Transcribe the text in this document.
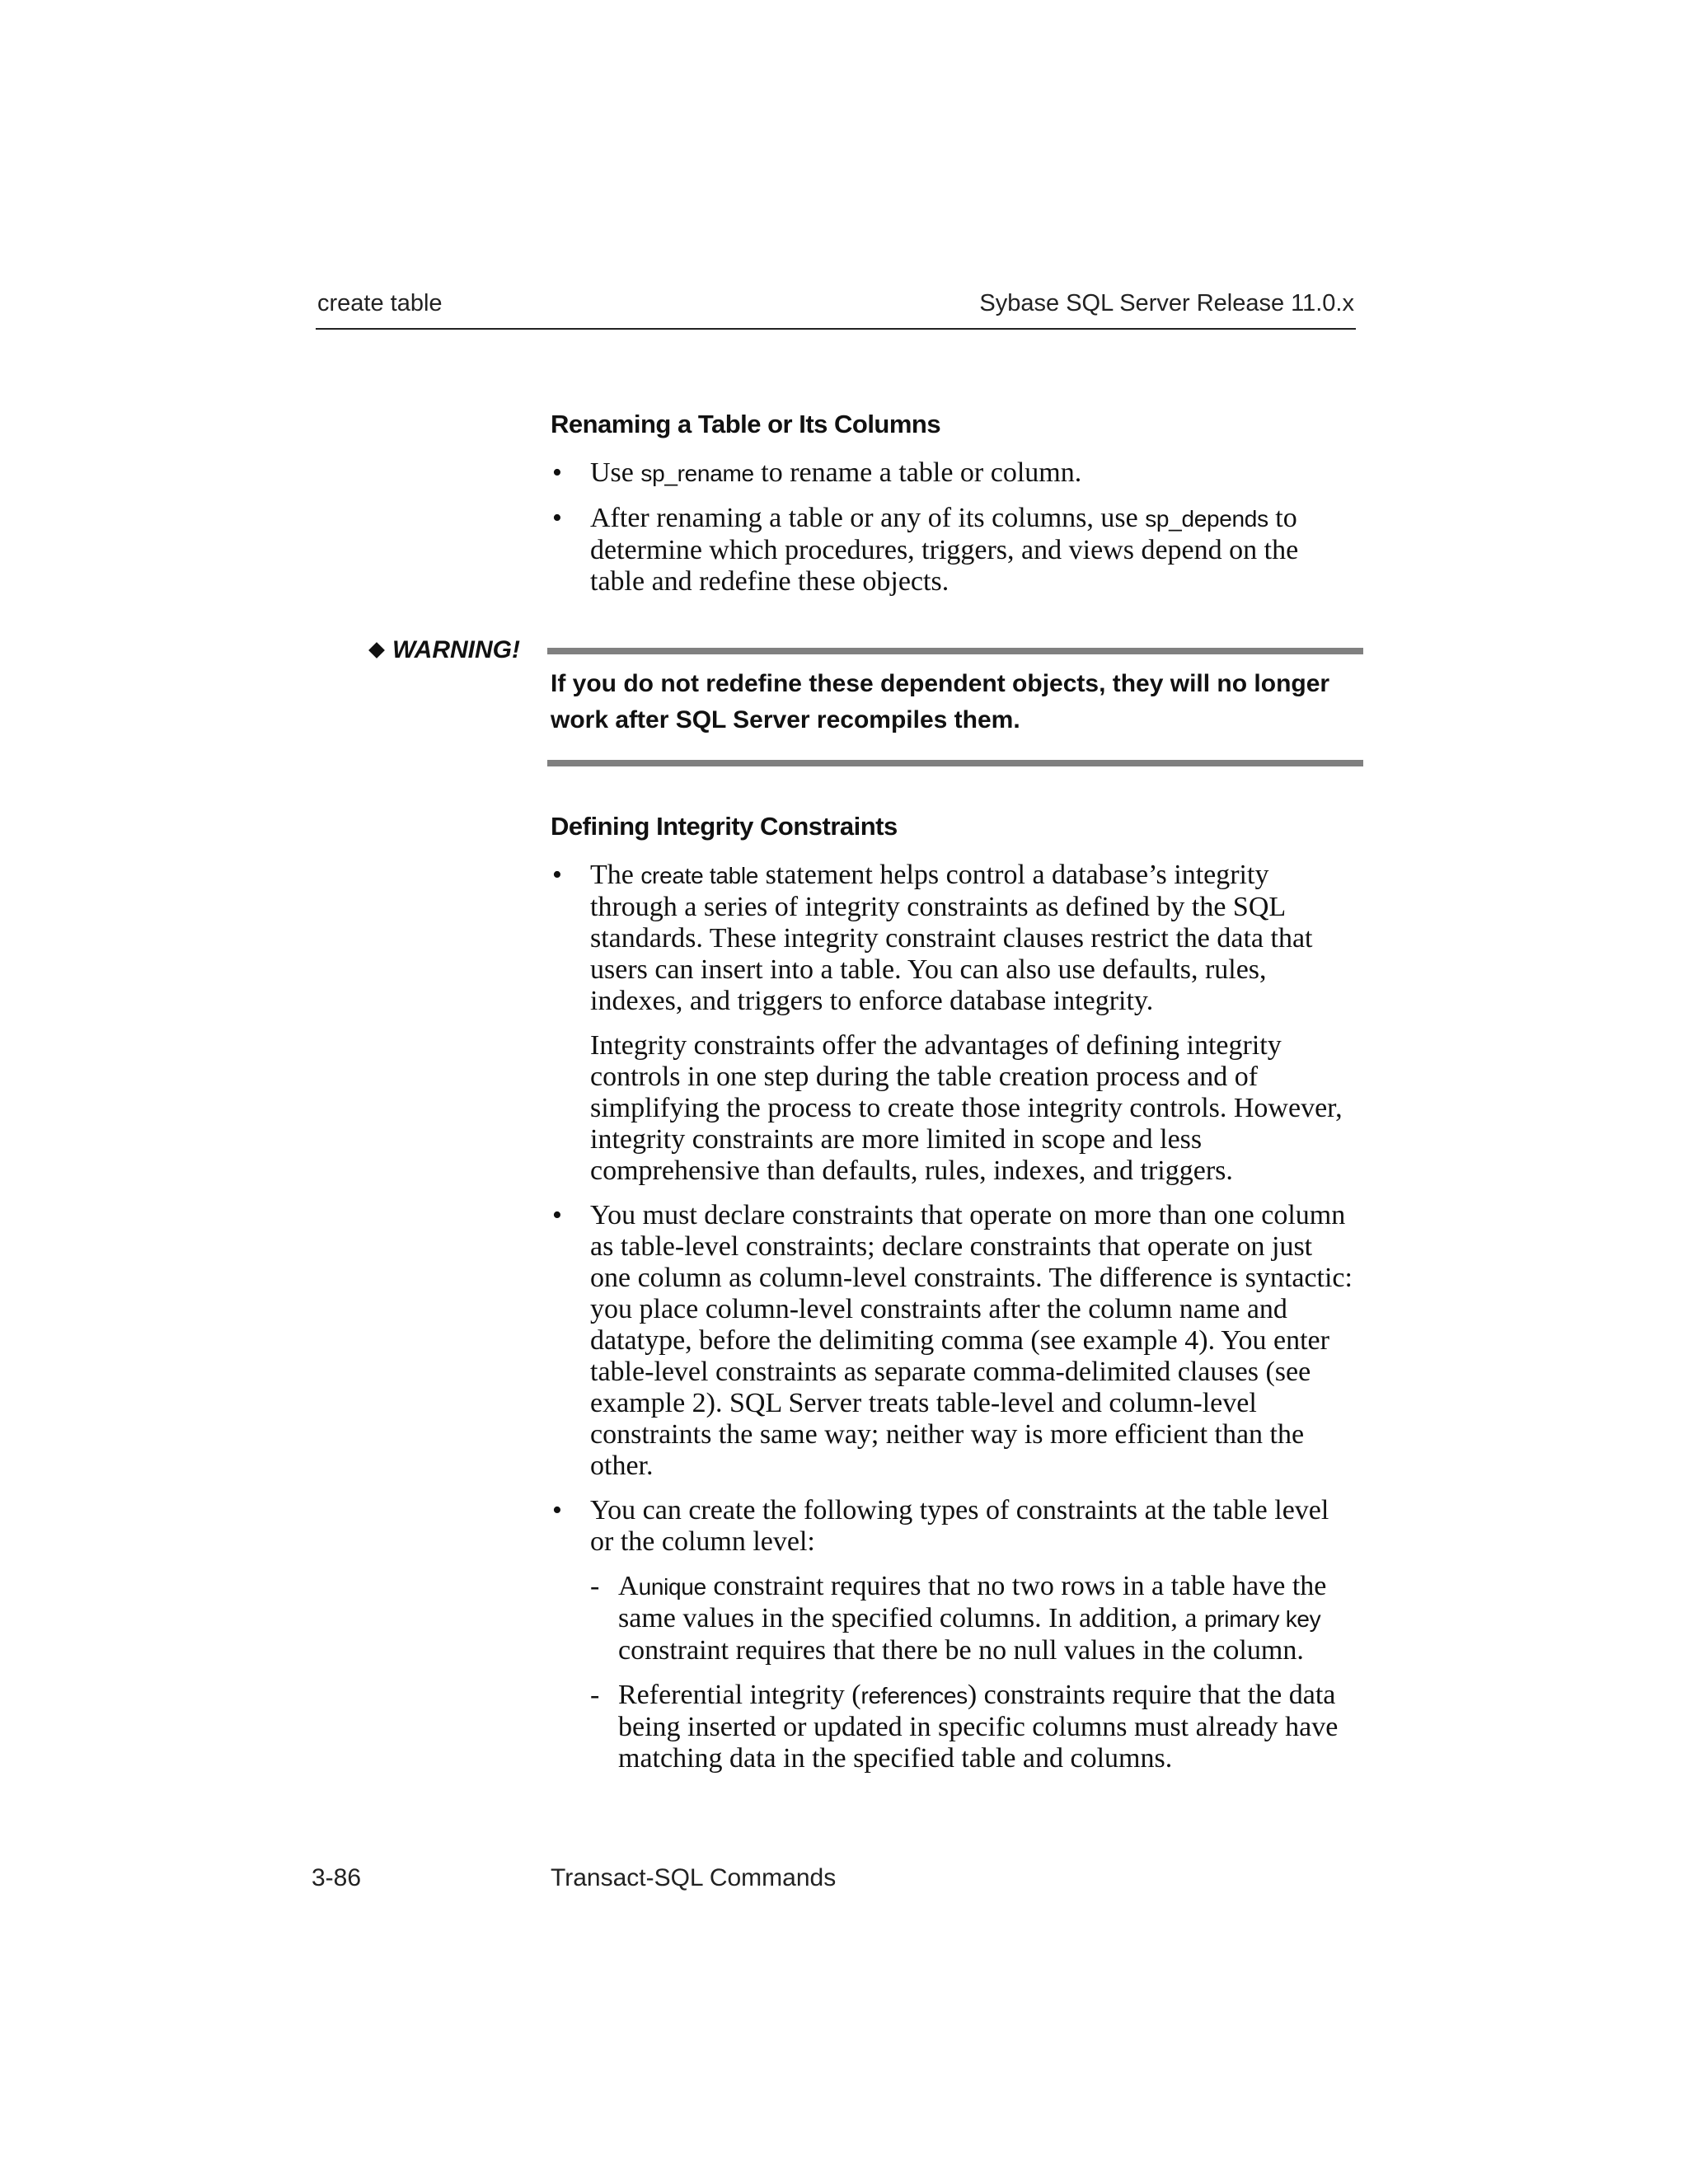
create table	Sybase SQL Server Release 11.0.x
Renaming a Table or Its Columns
• Use sp_rename to rename a table or column.
• After renaming a table or any of its columns, use sp_depends to determine which procedures, triggers, and views depend on the table and redefine these objects.
WARNING!

If you do not redefine these dependent objects, they will no longer work after SQL Server recompiles them.

Defining Integrity Constraints
• The create table statement helps control a database’s integrity through a series of integrity constraints as defined by the SQL standards. These integrity constraint clauses restrict the data that users can insert into a table. You can also use defaults, rules, indexes, and triggers to enforce database integrity.

Integrity constraints offer the advantages of defining integrity controls in one step during the table creation process and of simplifying the process to create those integrity controls. However, integrity constraints are more limited in scope and less comprehensive than defaults, rules, indexes, and triggers.

• You must declare constraints that operate on more than one column as table-level constraints; declare constraints that operate on just one column as column-level constraints. The difference is syntactic: you place column-level constraints after the column name and datatype, before the delimiting comma (see example 4). You enter table-level constraints as separate comma-delimited clauses (see example 2). SQL Server treats table-level and column-level constraints the same way; neither way is more efficient than the other.

• You can create the following types of constraints at the table level or the column level:

- Aunique constraint requires that no two rows in a table have the same values in the specified columns. In addition, a primary key constraint requires that there be no null values in the column.
- Referential integrity (references) constraints require that the data being inserted or updated in specific columns must already have matching data in the specified table and columns.
3-86	Transact-SQL Commands
